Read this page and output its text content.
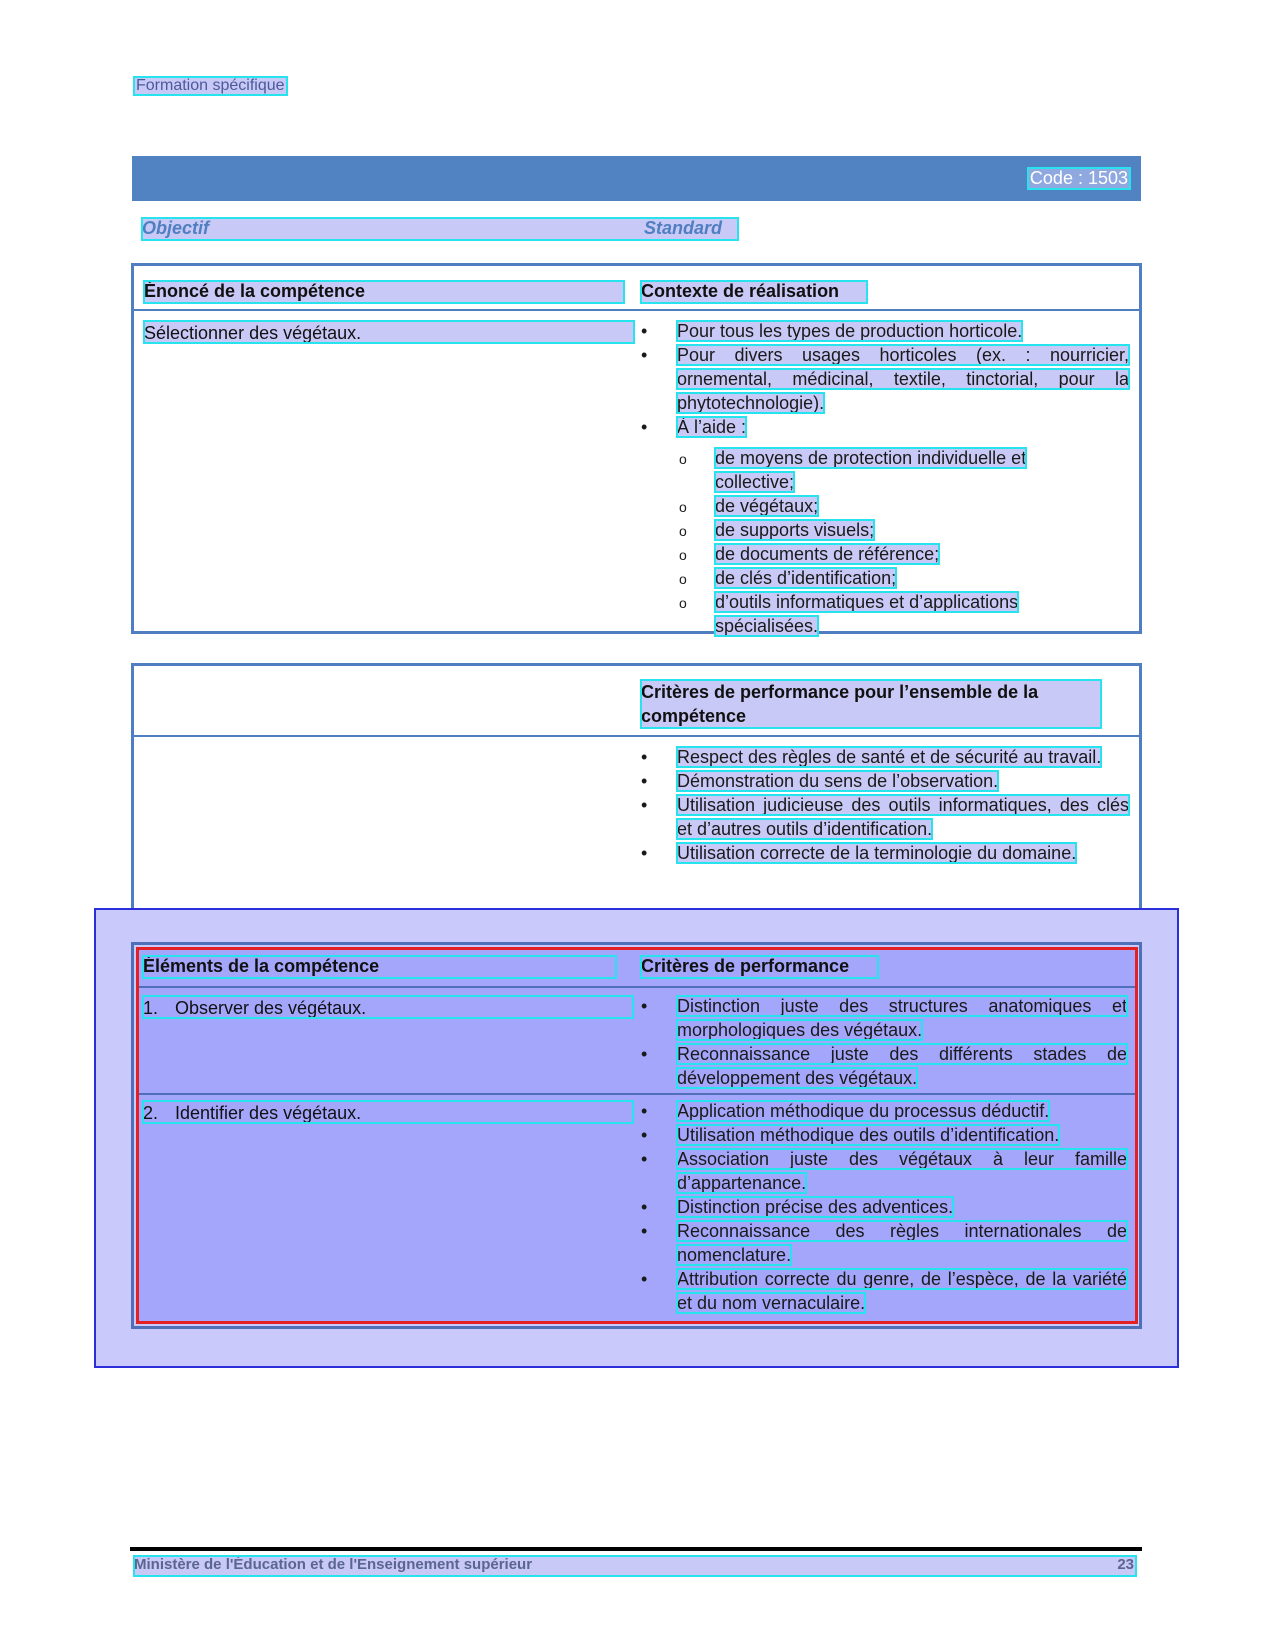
Formation spécifique
Code : 1503
Objectif	Standard
Énoncé de la compétence	Contexte de réalisation
Sélectionner des végétaux.	• Pour tous les types de production horticole.
• Pour divers usages horticoles (ex. : nourricier, ornemental, médicinal, textile, tinctorial, pour la phytotechnologie).
• À l’aide :
o de moyens de protection individuelle et collective;
o de végétaux;
o de supports visuels;
o de documents de référence;
o de clés d’identification;
o d’outils informatiques et d’applications spécialisées.
Critères de performance pour l’ensemble de la compétence
• Respect des règles de santé et de sécurité au travail.
• Démonstration du sens de l’observation.
• Utilisation judicieuse des outils informatiques, des clés et d’autres outils d’identification.
• Utilisation correcte de la terminologie du domaine.
Éléments de la compétence	Critères de performance
1. Observer des végétaux.	• Distinction juste des structures anatomiques et morphologiques des végétaux.
• Reconnaissance juste des différents stades de développement des végétaux.
2. Identifier des végétaux.	• Application méthodique du processus déductif.
• Utilisation méthodique des outils d’identification.
• Association juste des végétaux à leur famille d’appartenance.
• Distinction précise des adventices.
• Reconnaissance des règles internationales de nomenclature.
• Attribution correcte du genre, de l’espèce, de la variété et du nom vernaculaire.
Ministère de l'Éducation et de l'Enseignement supérieur	23
